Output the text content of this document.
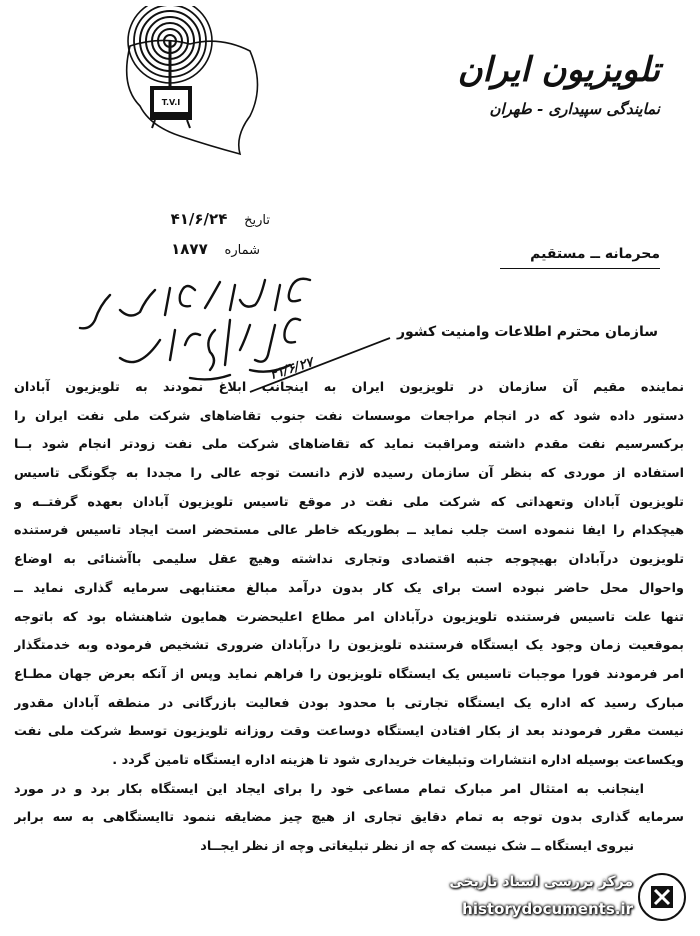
T.V.I
تلویزیون ایران
نمایندگی سپیداری - طهران
تاریخ ۴۱/۶/۲۴
شماره ۱۸۷۷	محرمانه ــ مستقیم
سازمان محترم اطلاعات وامنیت کشور
۴۱/۶/۲۷

نماینده مقیم آن سازمان در تلویزیون ایران به اینجانب ابلاغ نمودند به تلویزیون آبادان

دستور داده شود که در انجام مراجعات موسسات نفت جنوب تقاضاهای شرکت ملی نفت ایران را

برکسرسیم نفت مقدم داشته ومراقبت نماید که تقاضاهای شرکت ملی نفت زودتر انجام شود بــا

استفاده از موردی که بنظر آن سازمان رسیده لازم دانست توجه عالی را مجددا به چگونگی تاسیس

تلویزیون آبادان وتعهداتی که شرکت ملی نفت در موقع تاسیس تلویزیون آبادان بعهده گرفتــه و

هیچکدام را ایفا ننموده است جلب نماید ــ بطوریکه خاطر عالی مستحضر است ایجاد تاسیس فرستنده

تلویزیون درآبادان بهیچوجه جنبه اقتصادی وتجاری نداشته وهیچ عقل سلیمی باآشنائی به اوضاع

واحوال محل حاضر نبوده است برای یک کار بدون درآمد مبالغ معتنابهی سرمایه گذاری نماید ــ

تنها علت تاسیس فرستنده تلویزیون درآبادان امر مطاع اعلیحضرت همایون شاهنشاه بود که باتوجه

بموقعیت زمان وجود یک ایستگاه فرستنده تلویزیون را درآبادان ضروری تشخیص فرموده وبه خدمتگذار

امر فرمودند فورا موجبات تاسیس یک ایستگاه تلویزیون را فراهم نماید وپس از آنکه بعرض جهان مطـاع

مبارک رسید که اداره یک ایستگاه تجارتی با محدود بودن فعالیت بازرگانی در منطقه آبادان مقدور

نیست مقرر فرمودند بعد از بکار افتادن ایستگاه دوساعت وقت روزانه تلویزیون توسط شرکت ملی نفت

ویکساعت بوسیله اداره انتشارات وتبلیغات خریداری شود تا هزینه اداره ایستگاه تامین گردد .

اینجانب به امتثال امر مبارک تمام مساعی خود را برای ایجاد این ایستگاه بکار برد و در مورد

سرمایه گذاری بدون توجه به تمام دقایق تجاری از هیچ چیز مضایقه ننمود تاایستگاهی به سه برابر

نیروی ایستگاه ــ شک نیست که چه از نظر تبلیغاتی وچه از نظر ایجــاد

مرکز بررسی اسناد تاریخی
historydocuments.ir
